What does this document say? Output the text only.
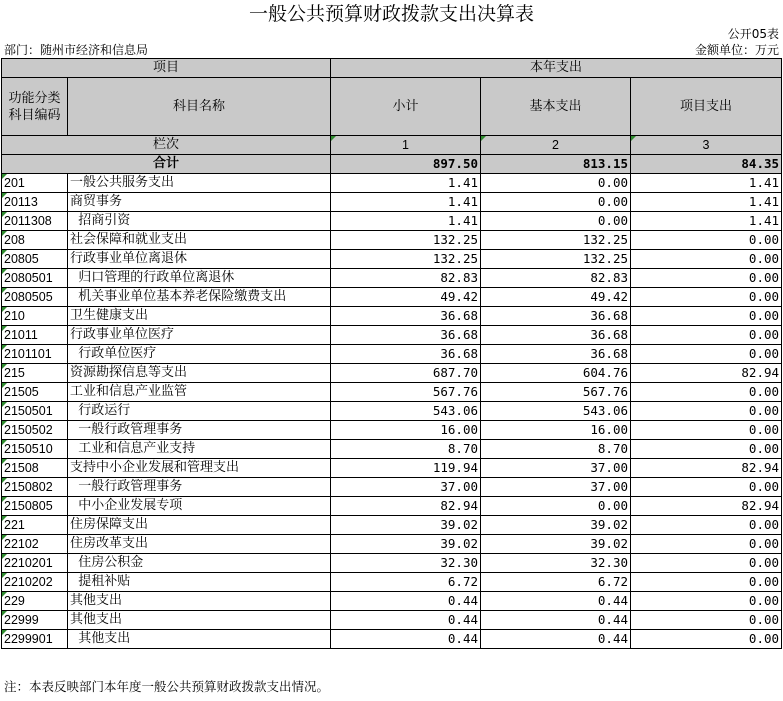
一般公共预算财政拨款支出决算表
公开05表
部门：随州市经济和信息局	金额单位：万元
项目		本年支出		
功能分类科目编码	科目名称	小计	基本支出	项目支出
栏次		1	2	3
合计		897.50	813.15	84.35

201	一般公共服务支出	1.41	0.00	1.41

20113	商贸事务	1.41	0.00	1.41

2011308	招商引资	1.41	0.00	1.41

208	社会保障和就业支出	132.25	132.25	0.00

20805	行政事业单位离退休	132.25	132.25	0.00

2080501	归口管理的行政单位离退休	82.83	82.83	0.00

2080505	机关事业单位基本养老保险缴费支出	49.42	49.42	0.00

210	卫生健康支出	36.68	36.68	0.00

21011	行政事业单位医疗	36.68	36.68	0.00

2101101	行政单位医疗	36.68	36.68	0.00

215	资源勘探信息等支出	687.70	604.76	82.94

21505	工业和信息产业监管	567.76	567.76	0.00

2150501	行政运行	543.06	543.06	0.00

2150502	一般行政管理事务	16.00	16.00	0.00

2150510	工业和信息产业支持	8.70	8.70	0.00

21508	支持中小企业发展和管理支出	119.94	37.00	82.94

2150802	一般行政管理事务	37.00	37.00	0.00

2150805	中小企业发展专项	82.94	0.00	82.94

221	住房保障支出	39.02	39.02	0.00

22102	住房改革支出	39.02	39.02	0.00

2210201	住房公积金	32.30	32.30	0.00

2210202	提租补贴	6.72	6.72	0.00

229	其他支出	0.44	0.44	0.00

22999	其他支出	0.44	0.44	0.00

2299901	其他支出	0.44	0.44	0.00
注：本表反映部门本年度一般公共预算财政拨款支出情况。
